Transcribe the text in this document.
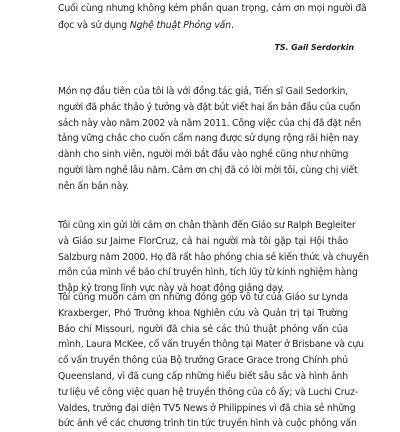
Cuối cùng nhưng không kém phần quan trọng, cảm ơn mọi người đã
đọc và sử dụng Nghệ thuật Phỏng vấn.

TS. Gail Serdorkin

Món nợ đầu tiên của tôi là với đồng tác giả, Tiến sĩ Gail Sedorkin,
người đã phác thảo ý tưởng và đặt bút viết hai ấn bản đầu của cuốn
sách này vào năm 2002 và năm 2011. Công việc của chị đã đặt nền
tảng vững chắc cho cuốn cẩm nang được sử dụng rộng rãi hiện nay
dành cho sinh viên, người mới bắt đầu vào nghề cũng như những
người làm nghề lâu năm. Cảm ơn chị đã có lời mời tôi, cùng chị viết
nên ấn bản này.

Tôi cũng xin gửi lời cảm ơn chân thành đến Giáo sư Ralph Begleiter
và Giáo sư Jaime FlorCruz, cả hai người mà tôi gặp tại Hội thảo
Salzburg năm 2000. Họ đã rất hào phóng chia sẻ kiến thức và chuyên
môn của mình về báo chí truyền hình, tích lũy từ kinh nghiệm hàng
thập kỷ trong lĩnh vực này và hoạt động giảng dạy.

Tôi cũng muốn cảm ơn những đóng góp vô tư của Giáo sư Lynda
Kraxberger, Phó Trưởng khoa Nghiên cứu và Quản trị tại Trường
Báo chí Missouri, người đã chia sẻ các thủ thuật phỏng vấn của
mình, Laura McKee, cố vấn truyền thông tại Mater ở Brisbane và cựu
cố vấn truyền thông của Bộ trưởng Grace Grace trong Chính phủ
Queensland, vì đã cung cấp những hiểu biết sâu sắc và hình ảnh
tư liệu về công việc quan hệ truyền thông của cô ấy; và Luchi Cruz-
Valdes, trưởng đại diện TV5 News ở Philippines vì đã chia sẻ những
bức ảnh về các chương trình tin tức truyền hình và cuộc phỏng vấn
